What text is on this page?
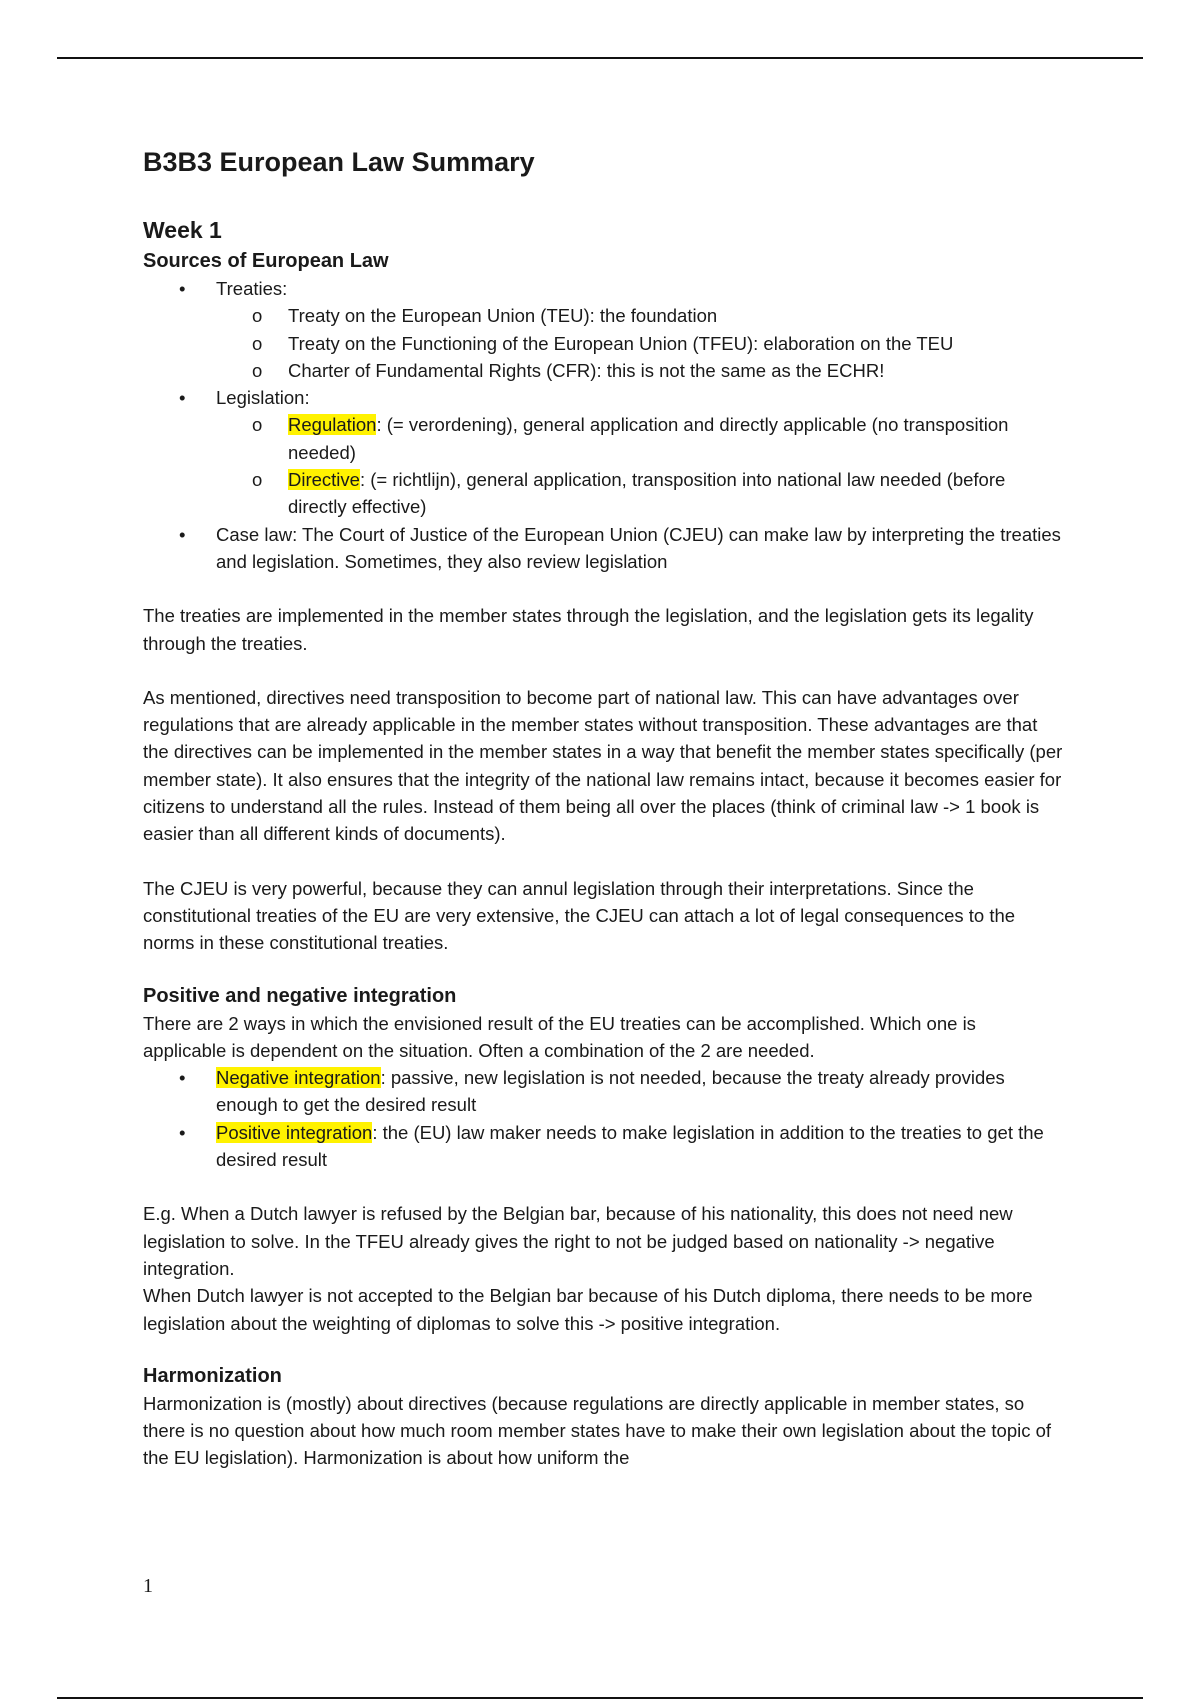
B3B3 European Law Summary
Week 1
Sources of European Law
• Treaties:
o Treaty on the European Union (TEU): the foundation
o Treaty on the Functioning of the European Union (TFEU): elaboration on the TEU
o Charter of Fundamental Rights (CFR): this is not the same as the ECHR!
• Legislation:
o Regulation: (= verordening), general application and directly applicable (no transposition needed)
o Directive: (= richtlijn), general application, transposition into national law needed (before directly effective)
• Case law: The Court of Justice of the European Union (CJEU) can make law by interpreting the treaties and legislation. Sometimes, they also review legislation

The treaties are implemented in the member states through the legislation, and the legislation gets its legality through the treaties.

As mentioned, directives need transposition to become part of national law. This can have advantages over regulations that are already applicable in the member states without transposition. These advantages are that the directives can be implemented in the member states in a way that benefit the member states specifically (per member state). It also ensures that the integrity of the national law remains intact, because it becomes easier for citizens to understand all the rules. Instead of them being all over the places (think of criminal law -> 1 book is easier than all different kinds of documents).

The CJEU is very powerful, because they can annul legislation through their interpretations. Since the constitutional treaties of the EU are very extensive, the CJEU can attach a lot of legal consequences to the norms in these constitutional treaties.

Positive and negative integration

There are 2 ways in which the envisioned result of the EU treaties can be accomplished. Which one is applicable is dependent on the situation. Often a combination of the 2 are needed.

• Negative integration: passive, new legislation is not needed, because the treaty already provides enough to get the desired result
• Positive integration: the (EU) law maker needs to make legislation in addition to the treaties to get the desired result

E.g. When a Dutch lawyer is refused by the Belgian bar, because of his nationality, this does not need new legislation to solve. In the TFEU already gives the right to not be judged based on nationality -> negative integration.

When Dutch lawyer is not accepted to the Belgian bar because of his Dutch diploma, there needs to be more legislation about the weighting of diplomas to solve this -> positive integration.

Harmonization

Harmonization is (mostly) about directives (because regulations are directly applicable in member states, so there is no question about how much room member states have to make their own legislation about the topic of the EU legislation). Harmonization is about how uniform the

1
